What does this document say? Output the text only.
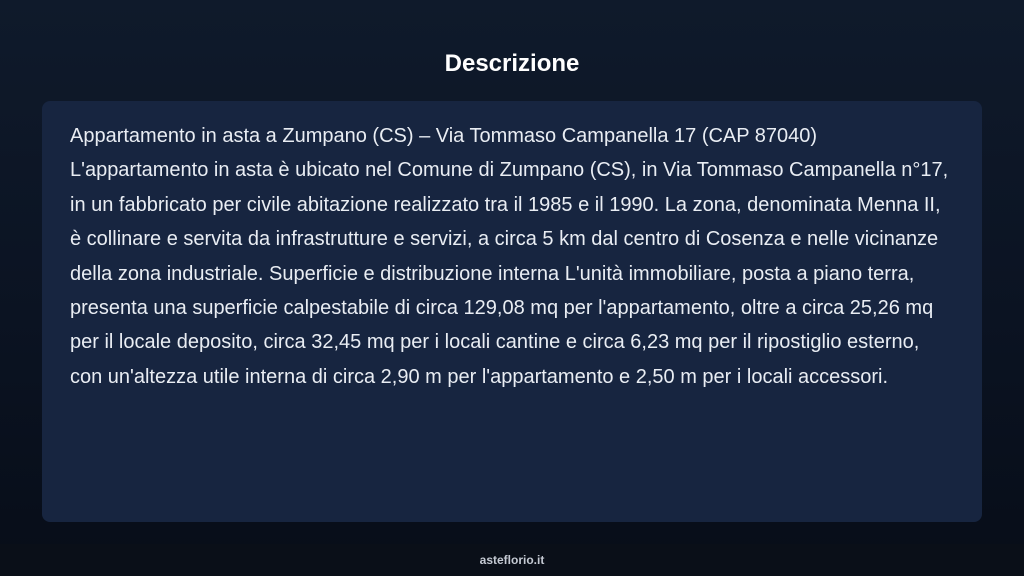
Descrizione

Appartamento in asta a Zumpano (CS) – Via Tommaso Campanella 17 (CAP 87040) L'appartamento in asta è ubicato nel Comune di Zumpano (CS), in Via Tommaso Campanella n°17, in un fabbricato per civile abitazione realizzato tra il 1985 e il 1990. La zona, denominata Menna II, è collinare e servita da infrastrutture e servizi, a circa 5 km dal centro di Cosenza e nelle vicinanze della zona industriale. Superficie e distribuzione interna L'unità immobiliare, posta a piano terra, presenta una superficie calpestabile di circa 129,08 mq per l'appartamento, oltre a circa 25,26 mq per il locale deposito, circa 32,45 mq per i locali cantine e circa 6,23 mq per il ripostiglio esterno, con un'altezza utile interna di circa 2,90 m per l'appartamento e 2,50 m per i locali accessori.

asteflorio.it
